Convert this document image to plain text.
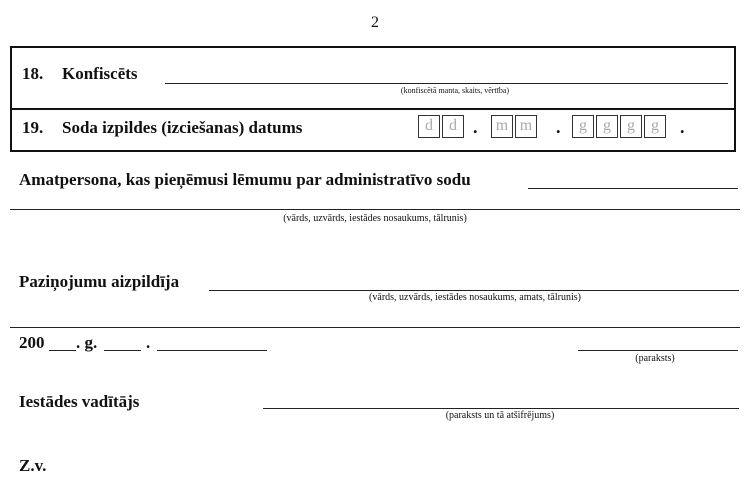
2
18. Konfiscēts
(konfiscētā manta, skaits, vērtība)
19. Soda izpildes (izciešanas) datums	d	d . m m .	g	g	g	g	.
Amatpersona, kas pieņēmusi lēmumu par administratīvo sodu
(vārds, uzvārds, iestādes nosaukums, tālrunis)
Paziņojumu aizpildīja
(vārds, uzvārds, iestādes nosaukums, amats, tālrunis)
200 . g.	.
(paraksts)
Iestādes vadītājs
(paraksts un tā atšifrējums)
Z.v.
